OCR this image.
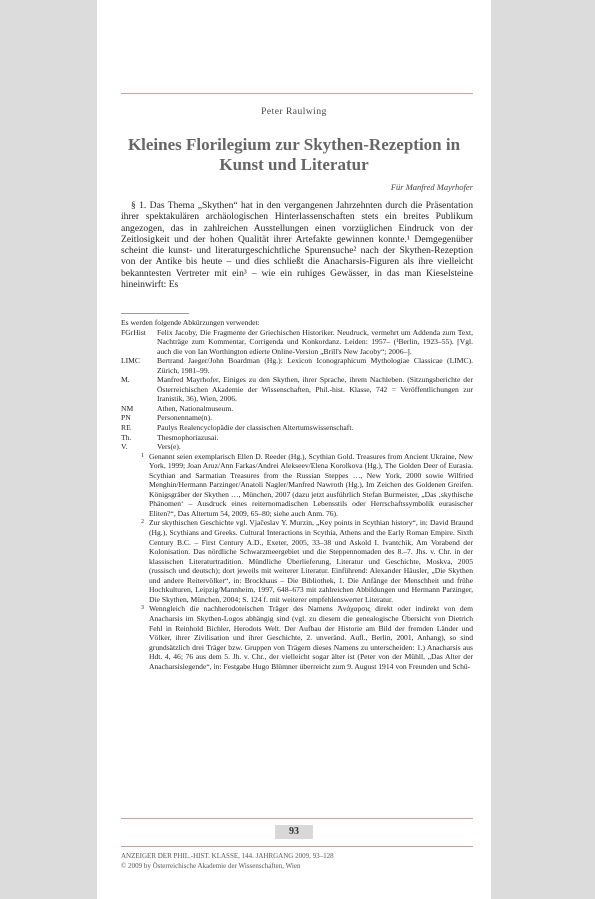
Peter Raulwing
Kleines Florilegium zur Skythen-Rezeption in Kunst und Literatur
Für Manfred Mayrhofer

§ 1. Das Thema „Skythen“ hat in den vergangenen Jahrzehnten durch die Präsentation ihrer spektakulären archäologischen Hinterlassenschaften stets ein breites Publikum angezogen, das in zahlreichen Ausstellungen einen vorzüglichen Eindruck von der Zeitlosigkeit und der hohen Qualität ihrer Artefakte gewinnen konnte.¹ Demgegenüber scheint die kunst- und literaturgeschichtliche Spurensuche² nach der Skythen-Rezeption von der Antike bis heute – und dies schließt die Anacharsis-Figuren als ihre vielleicht bekanntesten Vertreter mit ein³ – wie ein ruhiges Gewässer, in das man Kieselsteine hineinwirft: Es

Es werden folgende Abkürzungen verwendet:

FGrHist	Felix Jacoby, Die Fragmente der Griechischen Historiker. Neudruck, vermehrt um Addenda zum Text, Nachträge zum Kommentar, Corrigenda und Konkordanz. Leiden: 1957– (¹Berlin, 1923–55). [Vgl. auch die von Ian Worthington edierte Online-Version „Brill's New Jacoby“; 2006–].
LIMC	Bertrand Jaeger/John Boardman (Hg.): Lexicon Iconographicum Mythologiae Classicae (LIMC). Zürich, 1981–99.
M.	Manfred Mayrhofer, Einiges zu den Skythen, ihrer Sprache, ihrem Nachleben. (Sitzungsberichte der Österreichischen Akademie der Wissenschaften, Phil.-hist. Klasse, 742 = Veröffentlichungen zur Iranistik, 36), Wien, 2006.
NM	Athen, Nationalmuseum.
PN	Personenname(n).
RE	Paulys Realencyclopädie der classischen Altertumswissenschaft.
Th.	Thesmophoriazusai.
V.	Vers(e).
1 Genannt seien exemplarisch Ellen D. Reeder (Hg.), Scythian Gold. Treasures from Ancient Ukraine, New York, 1999; Joan Aruz/Ann Farkas/Andrei Alekseev/Elena Korolkova (Hg.), The Golden Deer of Eurasia. Scythian and Sarmatian Treasures from the Russian Steppes …, New York, 2000 sowie Wilfried Menghin/Hermann Parzinger/Anatoli Nagler/Manfred Nawroth (Hg.), Im Zeichen des Goldenen Greifen. Königsgräber der Skythen …, München, 2007 (dazu jetzt ausführlich Stefan Burmeister, „Das ‚skythische Phänomen‘ – Ausdruck eines reiternomadischen Lebensstils oder Herrschaftssymbolik eurasischer Eliten?“, Das Altertum 54, 2009, 65–80; siehe auch Anm. 76).
2 Zur skythischen Geschichte vgl. Vjačeslav Y. Murzin, „Key points in Scythian history“, in: David Braund (Hg.), Scythians and Greeks. Cultural Interactions in Scythia, Athens and the Early Roman Empire. Sixth Century B.C. – First Century A.D., Exeter, 2005, 33–38 und Askold I. Ivantchik, Am Vorabend der Kolonisation. Das nördliche Schwarzmeergebiet und die Steppennomaden des 8.–7. Jhs. v. Chr. in der klassischen Literaturtradition. Mündliche Überlieferung, Literatur und Geschichte, Moskva, 2005 (russisch und deutsch); dort jeweils mit weiterer Literatur. Einführend: Alexander Häusler, „Die Skythen und andere Reitervölker“, in: Brockhaus – Die Bibliothek, 1. Die Anfänge der Menschheit und frühe Hochkulturen, Leipzig/Mannheim, 1997, 648–673 mit zahlreichen Abbildungen und Hermann Parzinger, Die Skythen, München, 2004; S. 124 f. mit weiterer empfehlenswerter Literatur.
3 Wenngleich die nachherodoteischen Träger des Namens Ἀνάχαρσις direkt oder indirekt von dem Anacharsis im Skythen-Logos abhängig sind (vgl. zu diesem die genealogische Übersicht von Dietrich Fehl in Reinhold Bichler, Herodots Welt. Der Aufbau der Historie am Bild der fremden Länder und Völker, ihrer Zivilisation und ihrer Geschichte, 2. unveränd. Aufl., Berlin, 2001, Anhang), so sind grundsätzlich drei Träger bzw. Gruppen von Trägern dieses Namens zu unterscheiden: 1.) Anacharsis aus Hdt. 4, 46; 76 aus dem 5. Jh. v. Chr., der vielleicht sogar älter ist (Peter von der Mühll, „Das Alter der Anacharsislegende“, in: Festgabe Hugo Blümner überreicht zum 9. August 1914 von Freunden und Schü-
93
ANZEIGER DER PHIL.-HIST. KLASSE, 144. JAHRGANG 2009, 93–128
© 2009 by Österreichische Akademie der Wissenschaften, Wien
